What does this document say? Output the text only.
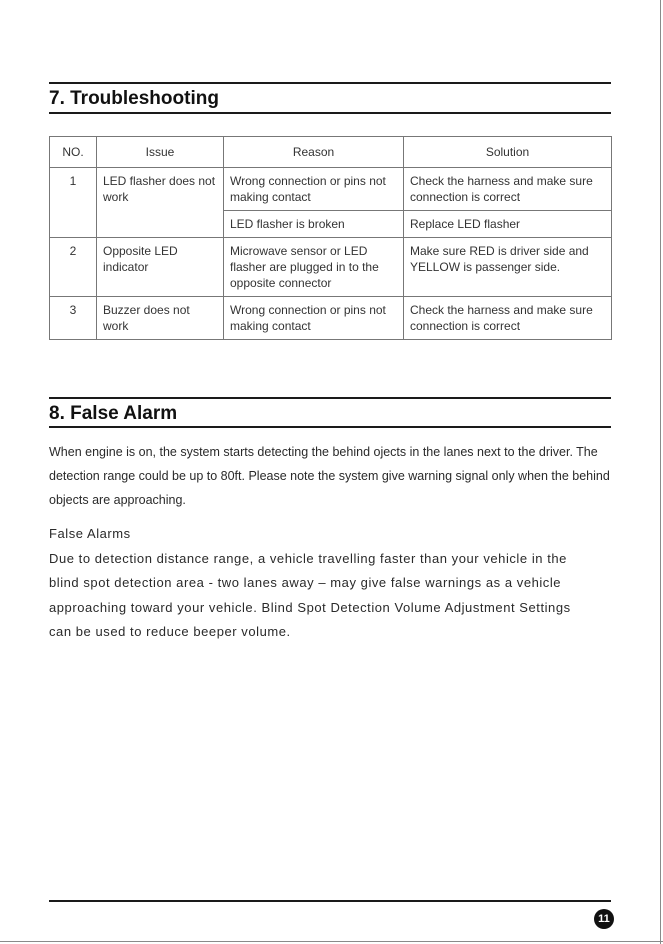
7. Troubleshooting
NO.	Issue	Reason	Solution
1	LED flasher does not work	Wrong connection or pins not making contact	Check the harness and make sure connection is correct
		LED flasher is broken	Replace LED flasher
2	Opposite LED indicator	Microwave sensor or LED flasher are plugged in to the opposite connector	Make sure RED is driver side and YELLOW is passenger side.
3	Buzzer does not work	Wrong connection or pins not making contact	Check the harness and make sure connection is correct
8. False Alarm

When engine is on, the system starts detecting the behind ojects in the lanes next to the driver. The detection range could be up to 80ft. Please note the system give warning signal only when the behind objects are approaching.

False Alarms
Due to detection distance range, a vehicle travelling faster than your vehicle in the
blind spot detection area - two lanes away – may give false warnings as a vehicle
approaching toward your vehicle. Blind Spot Detection Volume Adjustment Settings
can be used to reduce beeper volume.
11
